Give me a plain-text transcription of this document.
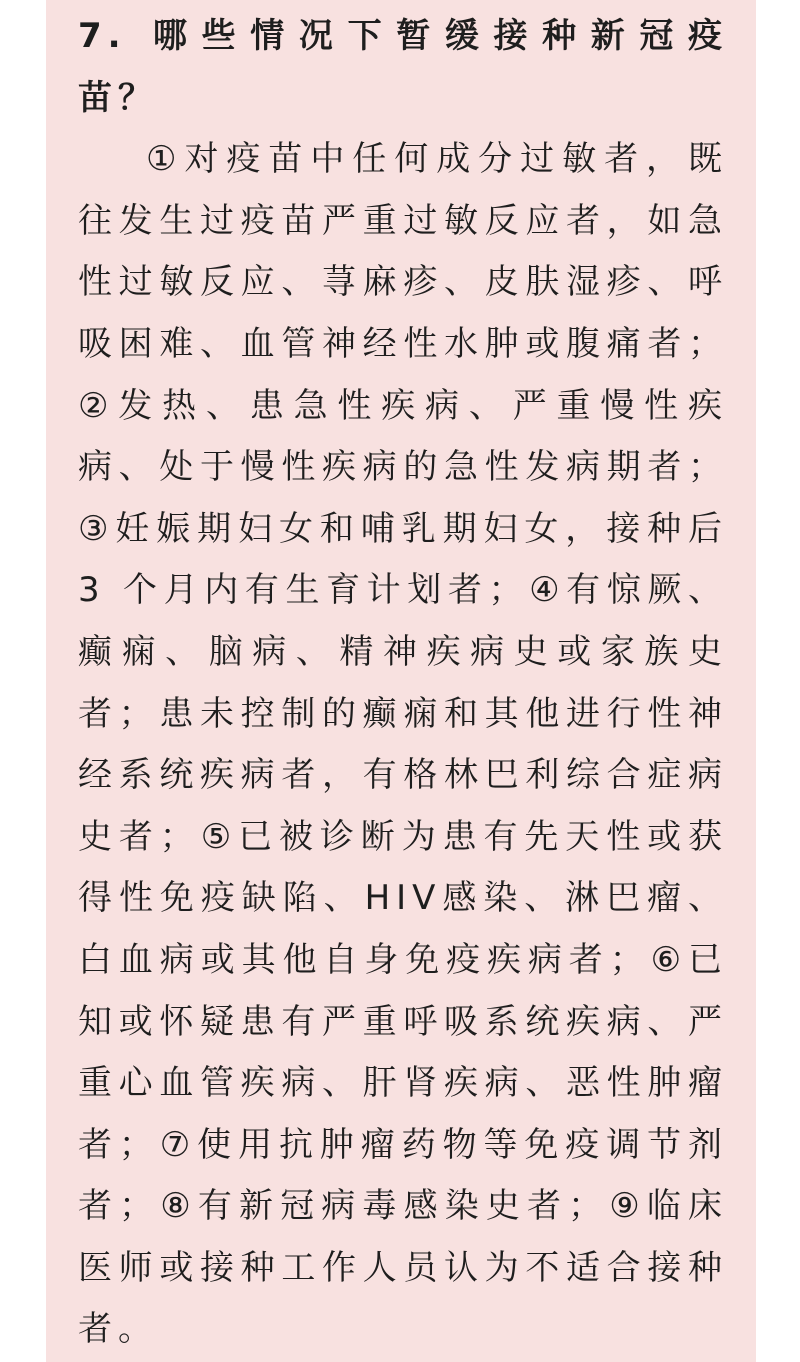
7. 哪些情况下暂缓接种新冠疫
苗？
①对疫苗中任何成分过敏者，既
往发生过疫苗严重过敏反应者，如急
性过敏反应、荨麻疹、皮肤湿疹、呼
吸困难、血管神经性水肿或腹痛者；
②发热、患急性疾病、严重慢性疾
病、处于慢性疾病的急性发病期者；
③妊娠期妇女和哺乳期妇女，接种后
3 个月内有生育计划者；④有惊厥、
癫痫、脑病、精神疾病史或家族史
者；患未控制的癫痫和其他进行性神
经系统疾病者，有格林巴利综合症病
史者；⑤已被诊断为患有先天性或获
得性免疫缺陷、HIV感染、淋巴瘤、
白血病或其他自身免疫疾病者；⑥已
知或怀疑患有严重呼吸系统疾病、严
重心血管疾病、肝肾疾病、恶性肿瘤
者；⑦使用抗肿瘤药物等免疫调节剂
者；⑧有新冠病毒感染史者；⑨临床
医师或接种工作人员认为不适合接种
者。
